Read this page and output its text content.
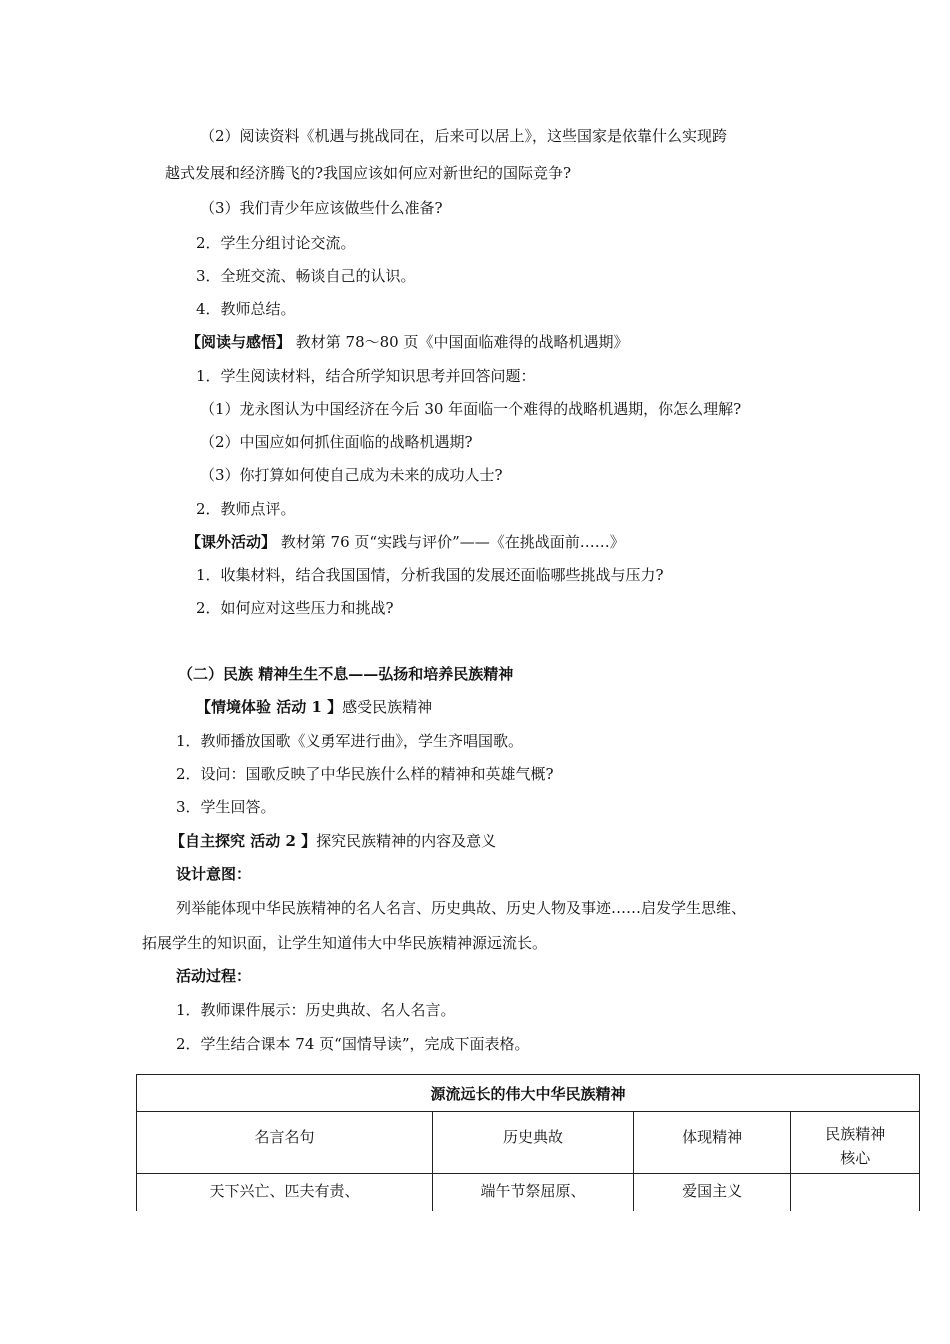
（2）阅读资料《机遇与挑战同在，后来可以居上》，这些国家是依靠什么实现跨
越式发展和经济腾飞的?我国应该如何应对新世纪的国际竞争?
（3）我们青少年应该做些什么准备?
2．学生分组讨论交流。
3．全班交流、畅谈自己的认识。
4．教师总结。
【阅读与感悟】 教材第 78～80 页《中国面临难得的战略机遇期》
1．学生阅读材料，结合所学知识思考并回答问题：
（1）龙永图认为中国经济在今后 30 年面临一个难得的战略机遇期，你怎么理解?
（2）中国应如何抓住面临的战略机遇期?
（3）你打算如何使自己成为未来的成功人士?
2．教师点评。
【课外活动】 教材第 76 页“实践与评价”——《在挑战面前……》
1．收集材料，结合我国国情，分析我国的发展还面临哪些挑战与压力?
2．如何应对这些压力和挑战?
（二）民族 精神生生不息——弘扬和培养民族精神
【情境体验 活动 1 】感受民族精神
1．教师播放国歌《义勇军进行曲》，学生齐唱国歌。
2．设问：国歌反映了中华民族什么样的精神和英雄气概?
3．学生回答。
【自主探究 活动 2 】探究民族精神的内容及意义
设计意图：
列举能体现中华民族精神的名人名言、历史典故、历史人物及事迹……启发学生思维、
拓展学生的知识面，让学生知道伟大中华民族精神源远流长。
活动过程：
1．教师课件展示：历史典故、名人名言。
2．学生结合课本 74 页“国情导读”，完成下面表格。
源流远长的伟大中华民族精神			
名言名句	历史典故	体现精神	民族精神
核心

天下兴亡、匹夫有责、	端午节祭屈原、	爱国主义	
